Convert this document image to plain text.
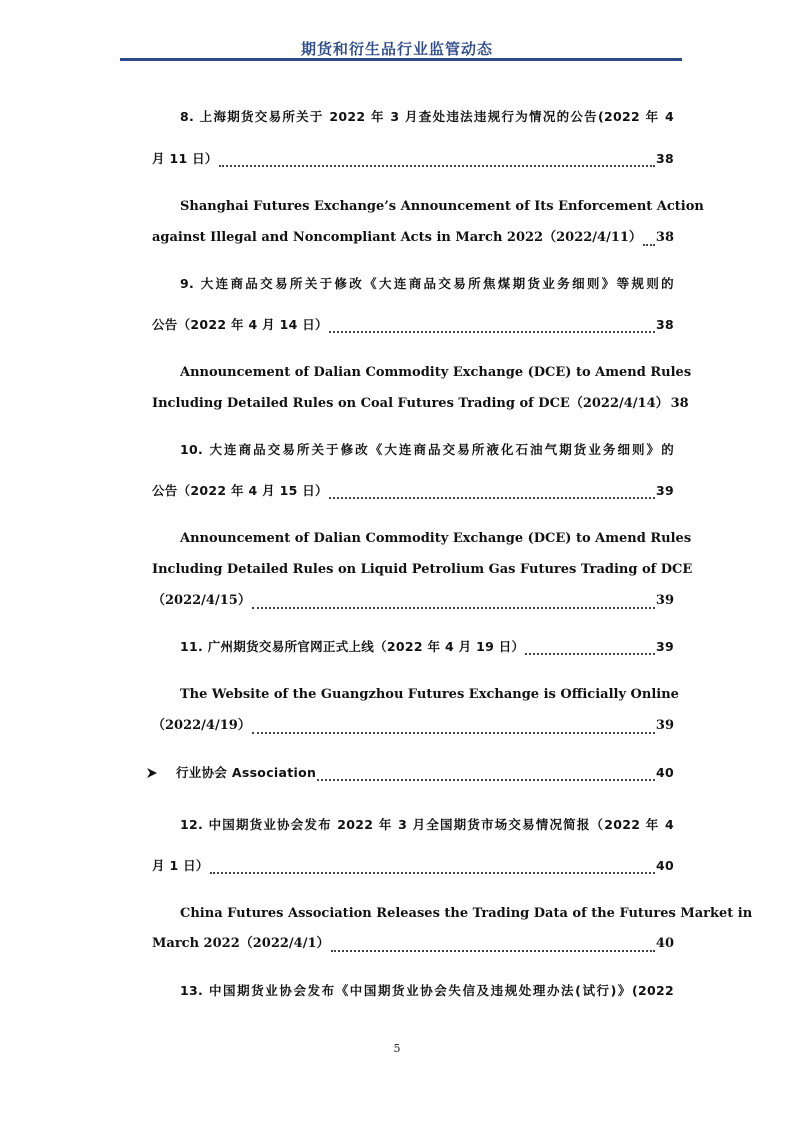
期货和衍生品行业监管动态
8. 上海期货交易所关于 2022 年 3 月查处违法违规行为情况的公告(2022 年 4
月 11 日）	38
Shanghai Futures Exchange’s Announcement of Its Enforcement Action
against Illegal and Noncompliant Acts in March 2022（2022/4/11） 38
9. 大连商品交易所关于修改《大连商品交易所焦煤期货业务细则》等规则的
公告（2022 年 4 月 14 日）	38
Announcement of Dalian Commodity Exchange (DCE) to Amend Rules
Including Detailed Rules on Coal Futures Trading of DCE（2022/4/14） 38
10. 大连商品交易所关于修改《大连商品交易所液化石油气期货业务细则》的
公告（2022 年 4 月 15 日）	39
Announcement of Dalian Commodity Exchange (DCE) to Amend Rules
Including Detailed Rules on Liquid Petrolium Gas Futures Trading of DCE
（2022/4/15）	39
11. 广州期货交易所官网正式上线（2022 年 4 月 19 日）	39
The Website of the Guangzhou Futures Exchange is Officially Online
（2022/4/19）	39
行业协会 Association	40
12. 中国期货业协会发布 2022 年 3 月全国期货市场交易情况简报（2022 年 4
月 1 日）	40
China Futures Association Releases the Trading Data of the Futures Market in
March 2022（2022/4/1）	40
13. 中国期货业协会发布《中国期货业协会失信及违规处理办法(试行)》(2022
5
